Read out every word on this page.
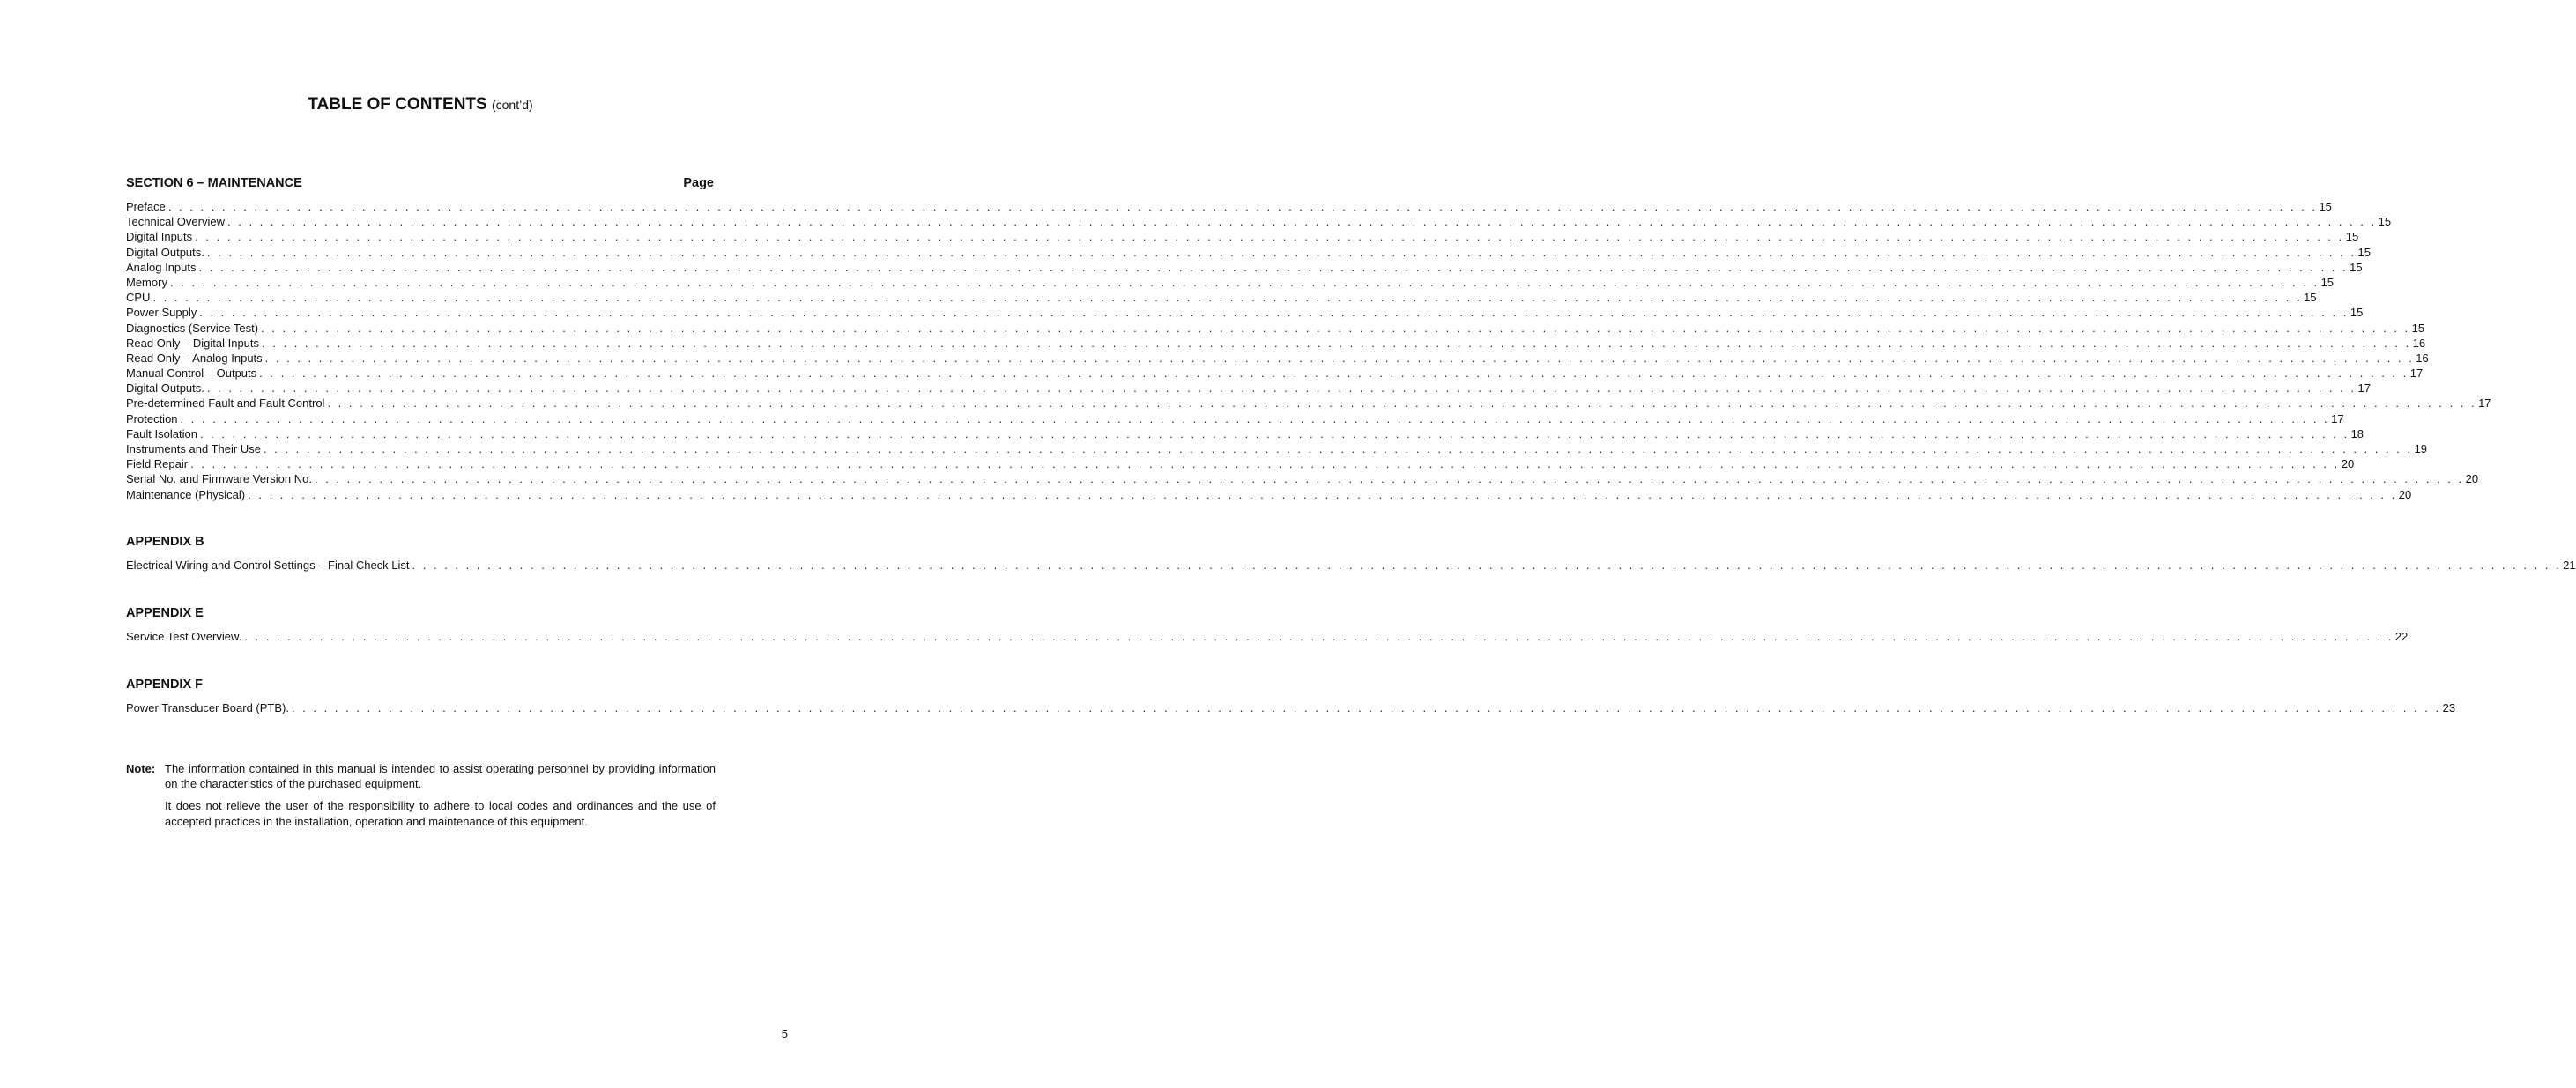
TABLE OF CONTENTS (cont’d)
SECTION 6 – MAINTENANCE	Page
Preface . . . . . . . . . . . . . . . . . . . . . . . . . . . . . . . . . . . . . . . . . . . . . . . . . . . . . . . . . . . . . . . . . . . . . . . . . . . . . . . . . . . . . . . . . . . . . . . . . . . . . . . . . . . . . . . . . . . . . . . . . . . . . . . . . . . . . . . . . . . . . . . . . . . . . . . . . . . . . . . . . . . . . . . . . . . . . . . . . . . . . . . . . . . . . . . . . . . . . . . . 15
Technical Overview . . . . . . . . . . . . . . . . . . . . . . . . . . . . . . . . . . . . . . . . . . . . . . . . . . . . . . . . . . . . . . . . . . . . . . . . . . . . . . . . . . . . . . . . . . . . . . . . . . . . . . . . . . . . . . . . . . . . . . . . . . . . . . . . . . . . . . . . . . . . . . . . . . . . . . . . . . . . . . . . . . . . . . . . . . . . . . . . . . . . . . . . . . . . . . . . . . . . . . . . 15
Digital Inputs . . . . . . . . . . . . . . . . . . . . . . . . . . . . . . . . . . . . . . . . . . . . . . . . . . . . . . . . . . . . . . . . . . . . . . . . . . . . . . . . . . . . . . . . . . . . . . . . . . . . . . . . . . . . . . . . . . . . . . . . . . . . . . . . . . . . . . . . . . . . . . . . . . . . . . . . . . . . . . . . . . . . . . . . . . . . . . . . . . . . . . . . . . . . . . . . . . . . . . . . 15
Digital Outputs. . . . . . . . . . . . . . . . . . . . . . . . . . . . . . . . . . . . . . . . . . . . . . . . . . . . . . . . . . . . . . . . . . . . . . . . . . . . . . . . . . . . . . . . . . . . . . . . . . . . . . . . . . . . . . . . . . . . . . . . . . . . . . . . . . . . . . . . . . . . . . . . . . . . . . . . . . . . . . . . . . . . . . . . . . . . . . . . . . . . . . . . . . . . . . . . . . . . . . . . . 15
Analog Inputs . . . . . . . . . . . . . . . . . . . . . . . . . . . . . . . . . . . . . . . . . . . . . . . . . . . . . . . . . . . . . . . . . . . . . . . . . . . . . . . . . . . . . . . . . . . . . . . . . . . . . . . . . . . . . . . . . . . . . . . . . . . . . . . . . . . . . . . . . . . . . . . . . . . . . . . . . . . . . . . . . . . . . . . . . . . . . . . . . . . . . . . . . . . . . . . . . . . . . . . . 15
Memory . . . . . . . . . . . . . . . . . . . . . . . . . . . . . . . . . . . . . . . . . . . . . . . . . . . . . . . . . . . . . . . . . . . . . . . . . . . . . . . . . . . . . . . . . . . . . . . . . . . . . . . . . . . . . . . . . . . . . . . . . . . . . . . . . . . . . . . . . . . . . . . . . . . . . . . . . . . . . . . . . . . . . . . . . . . . . . . . . . . . . . . . . . . . . . . . . . . . . . . . 15
CPU . . . . . . . . . . . . . . . . . . . . . . . . . . . . . . . . . . . . . . . . . . . . . . . . . . . . . . . . . . . . . . . . . . . . . . . . . . . . . . . . . . . . . . . . . . . . . . . . . . . . . . . . . . . . . . . . . . . . . . . . . . . . . . . . . . . . . . . . . . . . . . . . . . . . . . . . . . . . . . . . . . . . . . . . . . . . . . . . . . . . . . . . . . . . . . . . . . . . . . . . 15
Power Supply . . . . . . . . . . . . . . . . . . . . . . . . . . . . . . . . . . . . . . . . . . . . . . . . . . . . . . . . . . . . . . . . . . . . . . . . . . . . . . . . . . . . . . . . . . . . . . . . . . . . . . . . . . . . . . . . . . . . . . . . . . . . . . . . . . . . . . . . . . . . . . . . . . . . . . . . . . . . . . . . . . . . . . . . . . . . . . . . . . . . . . . . . . . . . . . . . . . . . . . . 15
Diagnostics (Service Test) . . . . . . . . . . . . . . . . . . . . . . . . . . . . . . . . . . . . . . . . . . . . . . . . . . . . . . . . . . . . . . . . . . . . . . . . . . . . . . . . . . . . . . . . . . . . . . . . . . . . . . . . . . . . . . . . . . . . . . . . . . . . . . . . . . . . . . . . . . . . . . . . . . . . . . . . . . . . . . . . . . . . . . . . . . . . . . . . . . . . . . . . . . . . . . . . . . . . . . . . 15
Read Only – Digital Inputs . . . . . . . . . . . . . . . . . . . . . . . . . . . . . . . . . . . . . . . . . . . . . . . . . . . . . . . . . . . . . . . . . . . . . . . . . . . . . . . . . . . . . . . . . . . . . . . . . . . . . . . . . . . . . . . . . . . . . . . . . . . . . . . . . . . . . . . . . . . . . . . . . . . . . . . . . . . . . . . . . . . . . . . . . . . . . . . . . . . . . . . . . . . . . . . . . . . . . . . . 16
Read Only – Analog Inputs . . . . . . . . . . . . . . . . . . . . . . . . . . . . . . . . . . . . . . . . . . . . . . . . . . . . . . . . . . . . . . . . . . . . . . . . . . . . . . . . . . . . . . . . . . . . . . . . . . . . . . . . . . . . . . . . . . . . . . . . . . . . . . . . . . . . . . . . . . . . . . . . . . . . . . . . . . . . . . . . . . . . . . . . . . . . . . . . . . . . . . . . . . . . . . . . . . . . . . . . 16
Manual Control – Outputs . . . . . . . . . . . . . . . . . . . . . . . . . . . . . . . . . . . . . . . . . . . . . . . . . . . . . . . . . . . . . . . . . . . . . . . . . . . . . . . . . . . . . . . . . . . . . . . . . . . . . . . . . . . . . . . . . . . . . . . . . . . . . . . . . . . . . . . . . . . . . . . . . . . . . . . . . . . . . . . . . . . . . . . . . . . . . . . . . . . . . . . . . . . . . . . . . . . . . . . . 17
Digital Outputs. . . . . . . . . . . . . . . . . . . . . . . . . . . . . . . . . . . . . . . . . . . . . . . . . . . . . . . . . . . . . . . . . . . . . . . . . . . . . . . . . . . . . . . . . . . . . . . . . . . . . . . . . . . . . . . . . . . . . . . . . . . . . . . . . . . . . . . . . . . . . . . . . . . . . . . . . . . . . . . . . . . . . . . . . . . . . . . . . . . . . . . . . . . . . . . . . . . . . . . . . 17
Pre-determined Fault and Fault Control . . . . . . . . . . . . . . . . . . . . . . . . . . . . . . . . . . . . . . . . . . . . . . . . . . . . . . . . . . . . . . . . . . . . . . . . . . . . . . . . . . . . . . . . . . . . . . . . . . . . . . . . . . . . . . . . . . . . . . . . . . . . . . . . . . . . . . . . . . . . . . . . . . . . . . . . . . . . . . . . . . . . . . . . . . . . . . . . . . . . . . . . . . . . . . . . . . . . . . . . 17
Protection . . . . . . . . . . . . . . . . . . . . . . . . . . . . . . . . . . . . . . . . . . . . . . . . . . . . . . . . . . . . . . . . . . . . . . . . . . . . . . . . . . . . . . . . . . . . . . . . . . . . . . . . . . . . . . . . . . . . . . . . . . . . . . . . . . . . . . . . . . . . . . . . . . . . . . . . . . . . . . . . . . . . . . . . . . . . . . . . . . . . . . . . . . . . . . . . . . . . . . . . 17
Fault Isolation . . . . . . . . . . . . . . . . . . . . . . . . . . . . . . . . . . . . . . . . . . . . . . . . . . . . . . . . . . . . . . . . . . . . . . . . . . . . . . . . . . . . . . . . . . . . . . . . . . . . . . . . . . . . . . . . . . . . . . . . . . . . . . . . . . . . . . . . . . . . . . . . . . . . . . . . . . . . . . . . . . . . . . . . . . . . . . . . . . . . . . . . . . . . . . . . . . . . . . . . 18
Instruments and Their Use . . . . . . . . . . . . . . . . . . . . . . . . . . . . . . . . . . . . . . . . . . . . . . . . . . . . . . . . . . . . . . . . . . . . . . . . . . . . . . . . . . . . . . . . . . . . . . . . . . . . . . . . . . . . . . . . . . . . . . . . . . . . . . . . . . . . . . . . . . . . . . . . . . . . . . . . . . . . . . . . . . . . . . . . . . . . . . . . . . . . . . . . . . . . . . . . . . . . . . . . 19
Field Repair . . . . . . . . . . . . . . . . . . . . . . . . . . . . . . . . . . . . . . . . . . . . . . . . . . . . . . . . . . . . . . . . . . . . . . . . . . . . . . . . . . . . . . . . . . . . . . . . . . . . . . . . . . . . . . . . . . . . . . . . . . . . . . . . . . . . . . . . . . . . . . . . . . . . . . . . . . . . . . . . . . . . . . . . . . . . . . . . . . . . . . . . . . . . . . . . . . . . . . . . 20
Serial No. and Firmware Version No. . . . . . . . . . . . . . . . . . . . . . . . . . . . . . . . . . . . . . . . . . . . . . . . . . . . . . . . . . . . . . . . . . . . . . . . . . . . . . . . . . . . . . . . . . . . . . . . . . . . . . . . . . . . . . . . . . . . . . . . . . . . . . . . . . . . . . . . . . . . . . . . . . . . . . . . . . . . . . . . . . . . . . . . . . . . . . . . . . . . . . . . . . . . . . . . . . . . . . . . . 20
Maintenance (Physical) . . . . . . . . . . . . . . . . . . . . . . . . . . . . . . . . . . . . . . . . . . . . . . . . . . . . . . . . . . . . . . . . . . . . . . . . . . . . . . . . . . . . . . . . . . . . . . . . . . . . . . . . . . . . . . . . . . . . . . . . . . . . . . . . . . . . . . . . . . . . . . . . . . . . . . . . . . . . . . . . . . . . . . . . . . . . . . . . . . . . . . . . . . . . . . . . . . . . . . . . 20
APPENDIX B
Electrical Wiring and Control Settings – Final Check List . . . . . . . . . . . . . . . . . . . . . . . . . . . . . . . . . . . . . . . . . . . . . . . . . . . . . . . . . . . . . . . . . . . . . . . . . . . . . . . . . . . . . . . . . . . . . . . . . . . . . . . . . . . . . . . . . . . . . . . . . . . . . . . . . . . . . . . . . . . . . . . . . . . . . . . . . . . . . . . . . . . . . . . . . . . . . . . . . . . . . . . . . . . . . . . . . . . . . . . . 21
APPENDIX E
Service Test Overview. . . . . . . . . . . . . . . . . . . . . . . . . . . . . . . . . . . . . . . . . . . . . . . . . . . . . . . . . . . . . . . . . . . . . . . . . . . . . . . . . . . . . . . . . . . . . . . . . . . . . . . . . . . . . . . . . . . . . . . . . . . . . . . . . . . . . . . . . . . . . . . . . . . . . . . . . . . . . . . . . . . . . . . . . . . . . . . . . . . . . . . . . . . . . . . . . . . . . . . . . 22
APPENDIX F
Power Transducer Board (PTB). . . . . . . . . . . . . . . . . . . . . . . . . . . . . . . . . . . . . . . . . . . . . . . . . . . . . . . . . . . . . . . . . . . . . . . . . . . . . . . . . . . . . . . . . . . . . . . . . . . . . . . . . . . . . . . . . . . . . . . . . . . . . . . . . . . . . . . . . . . . . . . . . . . . . . . . . . . . . . . . . . . . . . . . . . . . . . . . . . . . . . . . . . . . . . . . . . . . . . . . . 23
Note: The information contained in this manual is intended to assist operating personnel by providing information on the characteristics of the purchased equipment.

It does not relieve the user of the responsibility to adhere to local codes and ordinances and the use of accepted practices in the installation, operation and maintenance of this equipment.

5
